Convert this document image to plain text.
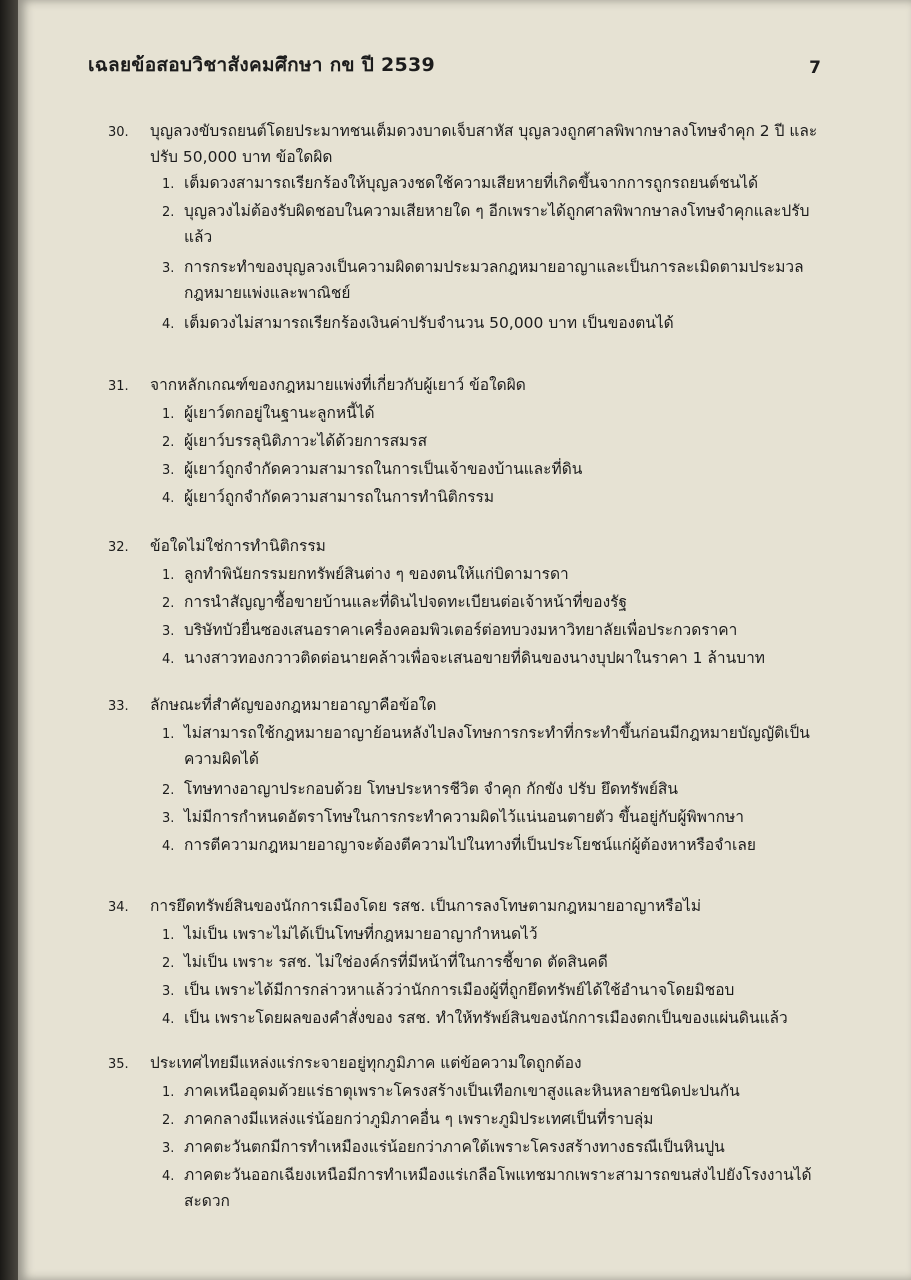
เฉลยข้อสอบวิชาสังคมศึกษา กข ปี 2539	7
30.	บุญลวงขับรถยนต์โดยประมาทชนเต็มดวงบาดเจ็บสาหัส บุญลวงถูกศาลพิพากษาลงโทษจำคุก 2 ปี และปรับ 50,000 บาท ข้อใดผิด
1. เต็มดวงสามารถเรียกร้องให้บุญลวงชดใช้ความเสียหายที่เกิดขึ้นจากการถูกรถยนต์ชนได้
2. บุญลวงไม่ต้องรับผิดชอบในความเสียหายใด ๆ อีกเพราะได้ถูกศาลพิพากษาลงโทษจำคุกและปรับแล้ว
3. การกระทำของบุญลวงเป็นความผิดตามประมวลกฎหมายอาญาและเป็นการละเมิดตามประมวลกฎหมายแพ่งและพาณิชย์
4. เต็มดวงไม่สามารถเรียกร้องเงินค่าปรับจำนวน 50,000 บาท เป็นของตนได้
31.	จากหลักเกณฑ์ของกฎหมายแพ่งที่เกี่ยวกับผู้เยาว์ ข้อใดผิด
1. ผู้เยาว์ตกอยู่ในฐานะลูกหนี้ได้
2. ผู้เยาว์บรรลุนิติภาวะได้ด้วยการสมรส
3. ผู้เยาว์ถูกจำกัดความสามารถในการเป็นเจ้าของบ้านและที่ดิน
4. ผู้เยาว์ถูกจำกัดความสามารถในการทำนิติกรรม
32.	ข้อใดไม่ใช่การทำนิติกรรม
1. ลูกทำพินัยกรรมยกทรัพย์สินต่าง ๆ ของตนให้แก่บิดามารดา
2. การนำสัญญาซื้อขายบ้านและที่ดินไปจดทะเบียนต่อเจ้าหน้าที่ของรัฐ
3. บริษัทบัวยื่นซองเสนอราคาเครื่องคอมพิวเตอร์ต่อทบวงมหาวิทยาลัยเพื่อประกวดราคา
4. นางสาวทองกวาวติดต่อนายคล้าวเพื่อจะเสนอขายที่ดินของนางบุปผาในราคา 1 ล้านบาท
33.	ลักษณะที่สำคัญของกฎหมายอาญาคือข้อใด
1. ไม่สามารถใช้กฎหมายอาญาย้อนหลังไปลงโทษการกระทำที่กระทำขึ้นก่อนมีกฎหมายบัญญัติเป็นความผิดได้
2. โทษทางอาญาประกอบด้วย โทษประหารชีวิต จำคุก กักขัง ปรับ ยึดทรัพย์สิน
3. ไม่มีการกำหนดอัตราโทษในการกระทำความผิดไว้แน่นอนตายตัว ขึ้นอยู่กับผู้พิพากษา
4. การตีความกฎหมายอาญาจะต้องตีความไปในทางที่เป็นประโยชน์แก่ผู้ต้องหาหรือจำเลย
34.	การยึดทรัพย์สินของนักการเมืองโดย รสช. เป็นการลงโทษตามกฎหมายอาญาหรือไม่
1. ไม่เป็น เพราะไม่ได้เป็นโทษที่กฎหมายอาญากำหนดไว้
2. ไม่เป็น เพราะ รสช. ไม่ใช่องค์กรที่มีหน้าที่ในการชี้ขาด ตัดสินคดี
3. เป็น เพราะได้มีการกล่าวหาแล้วว่านักการเมืองผู้ที่ถูกยึดทรัพย์ได้ใช้อำนาจโดยมิชอบ
4. เป็น เพราะโดยผลของคำสั่งของ รสช. ทำให้ทรัพย์สินของนักการเมืองตกเป็นของแผ่นดินแล้ว
35.	ประเทศไทยมีแหล่งแร่กระจายอยู่ทุกภูมิภาค แต่ข้อความใดถูกต้อง
1. ภาคเหนืออุดมด้วยแร่ธาตุเพราะโครงสร้างเป็นเทือกเขาสูงและหินหลายชนิดปะปนกัน
2. ภาคกลางมีแหล่งแร่น้อยกว่าภูมิภาคอื่น ๆ เพราะภูมิประเทศเป็นที่ราบลุ่ม
3. ภาคตะวันตกมีการทำเหมืองแร่น้อยกว่าภาคใต้เพราะโครงสร้างทางธรณีเป็นหินปูน
4. ภาคตะวันออกเฉียงเหนือมีการทำเหมืองแร่เกลือโพแทชมากเพราะสามารถขนส่งไปยังโรงงานได้สะดวก
